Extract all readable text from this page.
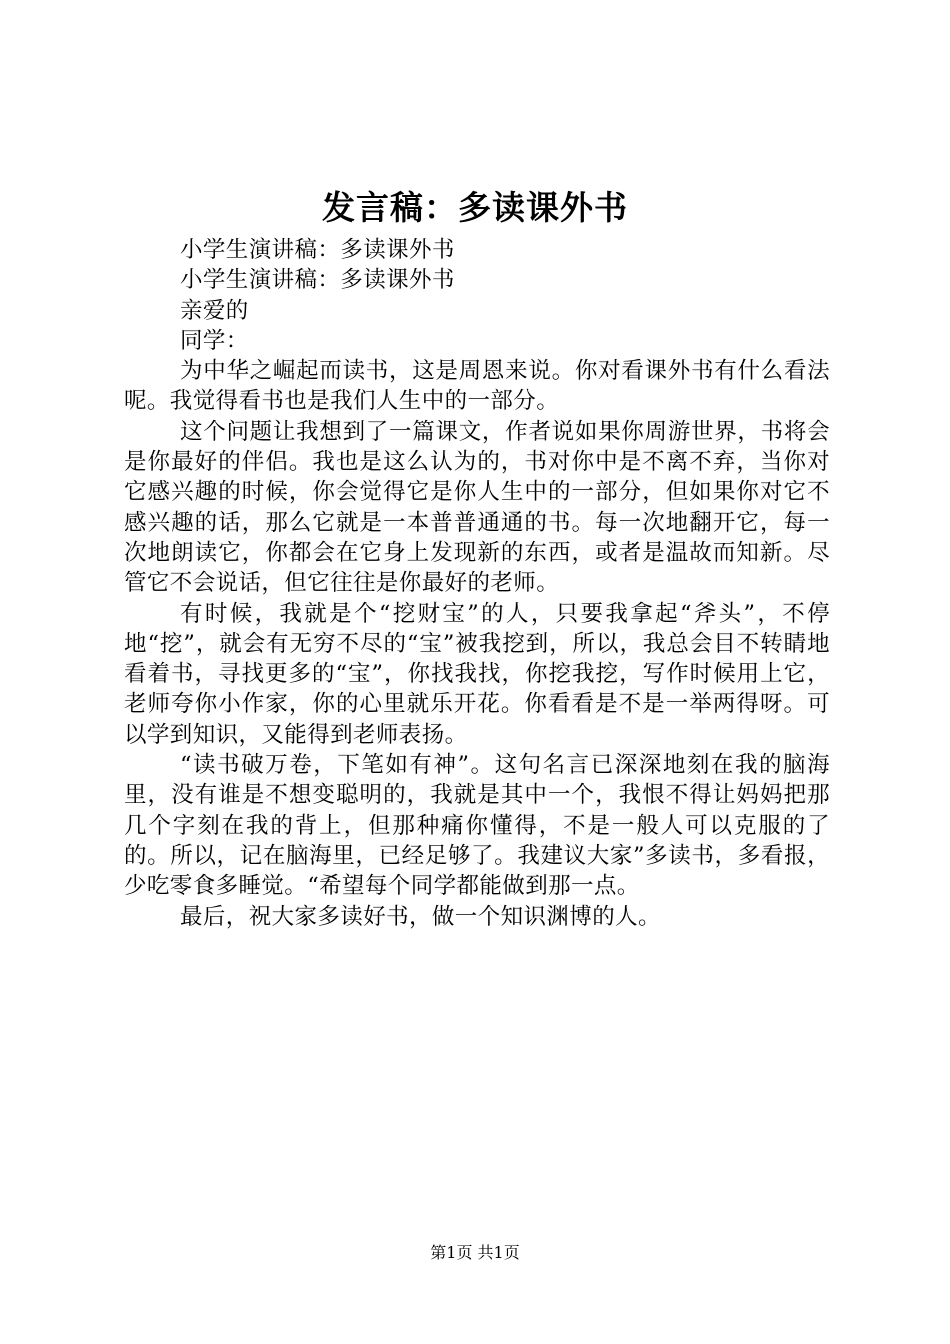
发言稿：多读课外书

小学生演讲稿：多读课外书

小学生演讲稿：多读课外书

亲爱的

同学：

为中华之崛起而读书，这是周恩来说。你对看课外书有什么看法呢。我觉得看书也是我们人生中的一部分。

这个问题让我想到了一篇课文，作者说如果你周游世界，书将会是你最好的伴侣。我也是这么认为的，书对你中是不离不弃，当你对它感兴趣的时候，你会觉得它是你人生中的一部分，但如果你对它不感兴趣的话，那么它就是一本普普通通的书。每一次地翻开它，每一次地朗读它，你都会在它身上发现新的东西，或者是温故而知新。尽管它不会说话，但它往往是你最好的老师。

有时候，我就是个“挖财宝”的人，只要我拿起“斧头”，不停地“挖”，就会有无穷不尽的“宝”被我挖到，所以，我总会目不转睛地看着书，寻找更多的“宝”，你找我找，你挖我挖，写作时候用上它，老师夸你小作家，你的心里就乐开花。你看看是不是一举两得呀。可以学到知识，又能得到老师表扬。

“读书破万卷，下笔如有神”。这句名言已深深地刻在我的脑海里，没有谁是不想变聪明的，我就是其中一个，我恨不得让妈妈把那几个字刻在我的背上，但那种痛你懂得，不是一般人可以克服的了的。所以，记在脑海里，已经足够了。我建议大家”多读书，多看报，少吃零食多睡觉。“希望每个同学都能做到那一点。

最后，祝大家多读好书，做一个知识渊博的人。

第1页 共1页
